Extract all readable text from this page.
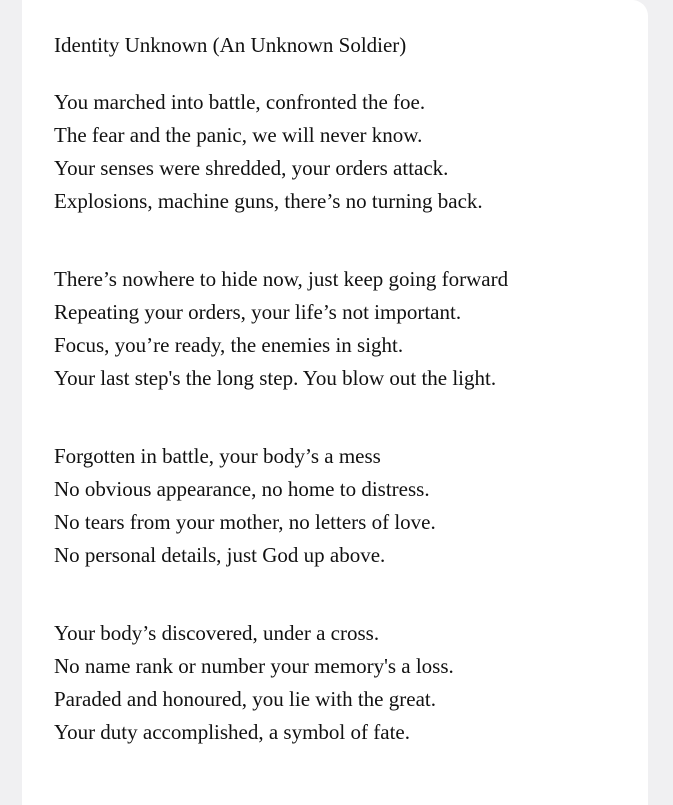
Identity Unknown (An Unknown Soldier)
You marched into battle, confronted the foe.
The fear and the panic, we will never know.
Your senses were shredded, your orders attack.
Explosions, machine guns, there’s no turning back.
There’s nowhere to hide now, just keep going forward
Repeating your orders, your life’s not important.
Focus, you’re ready, the enemies in sight.
Your last step's the long step. You blow out the light.
Forgotten in battle, your body’s a mess
No obvious appearance, no home to distress.
No tears from your mother, no letters of love.
No personal details, just God up above.
Your body’s discovered, under a cross.
No name rank or number your memory's a loss.
Paraded and honoured, you lie with the great.
Your duty accomplished, a symbol of fate.
